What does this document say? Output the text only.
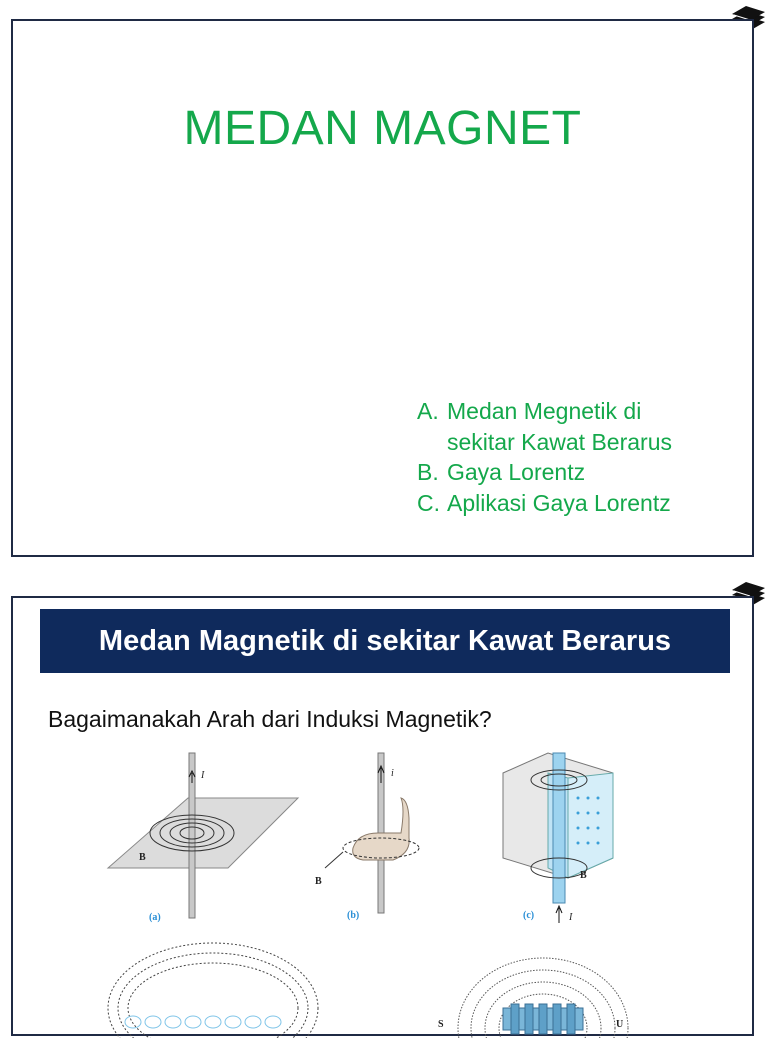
MEDAN MAGNET
A. Medan Megnetik di sekitar Kawat Berarus
B. Gaya Lorentz
C. Aplikasi Gaya Lorentz
Medan Magnetik di sekitar Kawat Berarus
Bagaimanakah Arah dari Induksi Magnetik?
I
B
(a)
i
B
(b)	I
B
(c)
S	U
